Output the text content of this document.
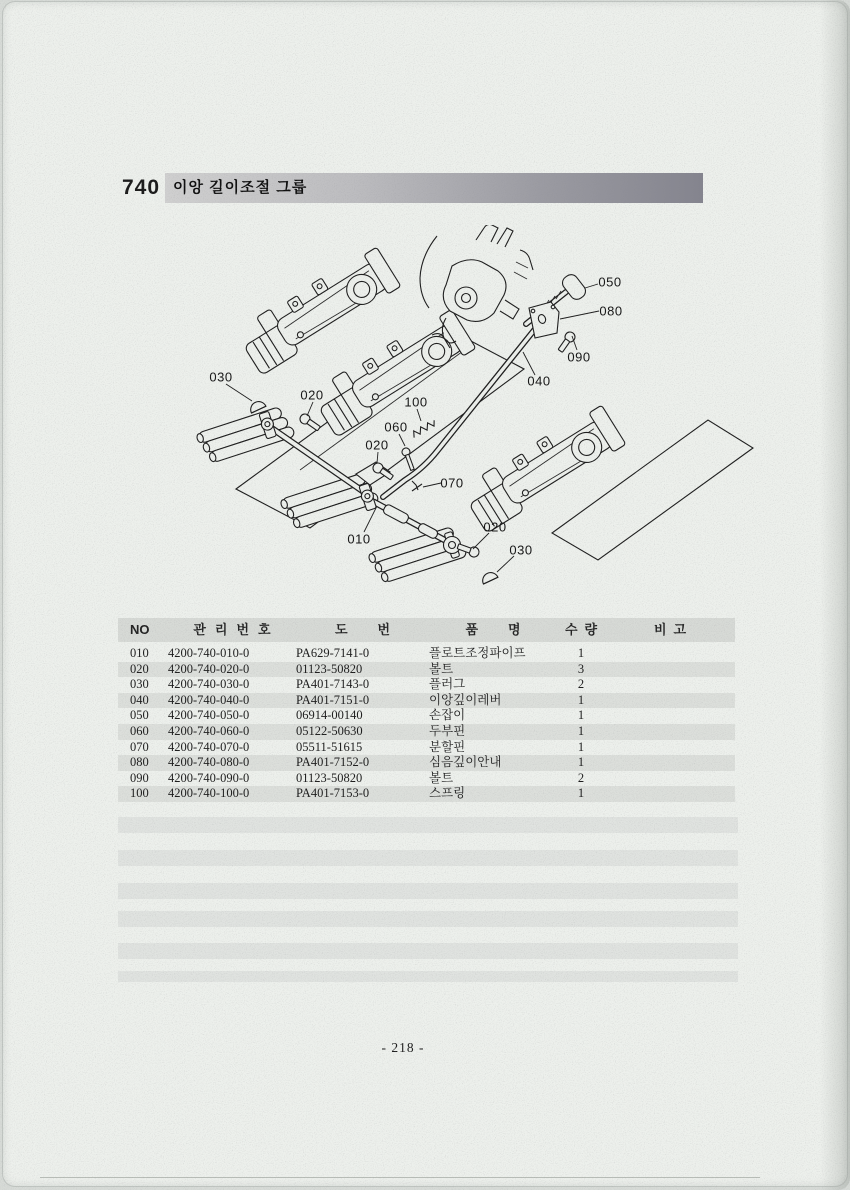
740 이앙 길이조절 그룹
030
020	100
060
020
010
070
020
030
040
090
080
050
NO	관리번호	도번	품명	수량	비고
010	4200-740-010-0	PA629-7141-0	플로트조정파이프	1
020	4200-740-020-0	01123-50820	볼트	3
030	4200-740-030-0	PA401-7143-0	플러그	2
040	4200-740-040-0	PA401-7151-0	이앙깊이레버	1
050	4200-740-050-0	06914-00140	손잡이	1
060	4200-740-060-0	05122-50630	두부핀	1
070	4200-740-070-0	05511-51615	분할핀	1
080	4200-740-080-0	PA401-7152-0	심음깊이안내	1
090	4200-740-090-0	01123-50820	볼트	2
100	4200-740-100-0	PA401-7153-0	스프링	1
- 218 -
